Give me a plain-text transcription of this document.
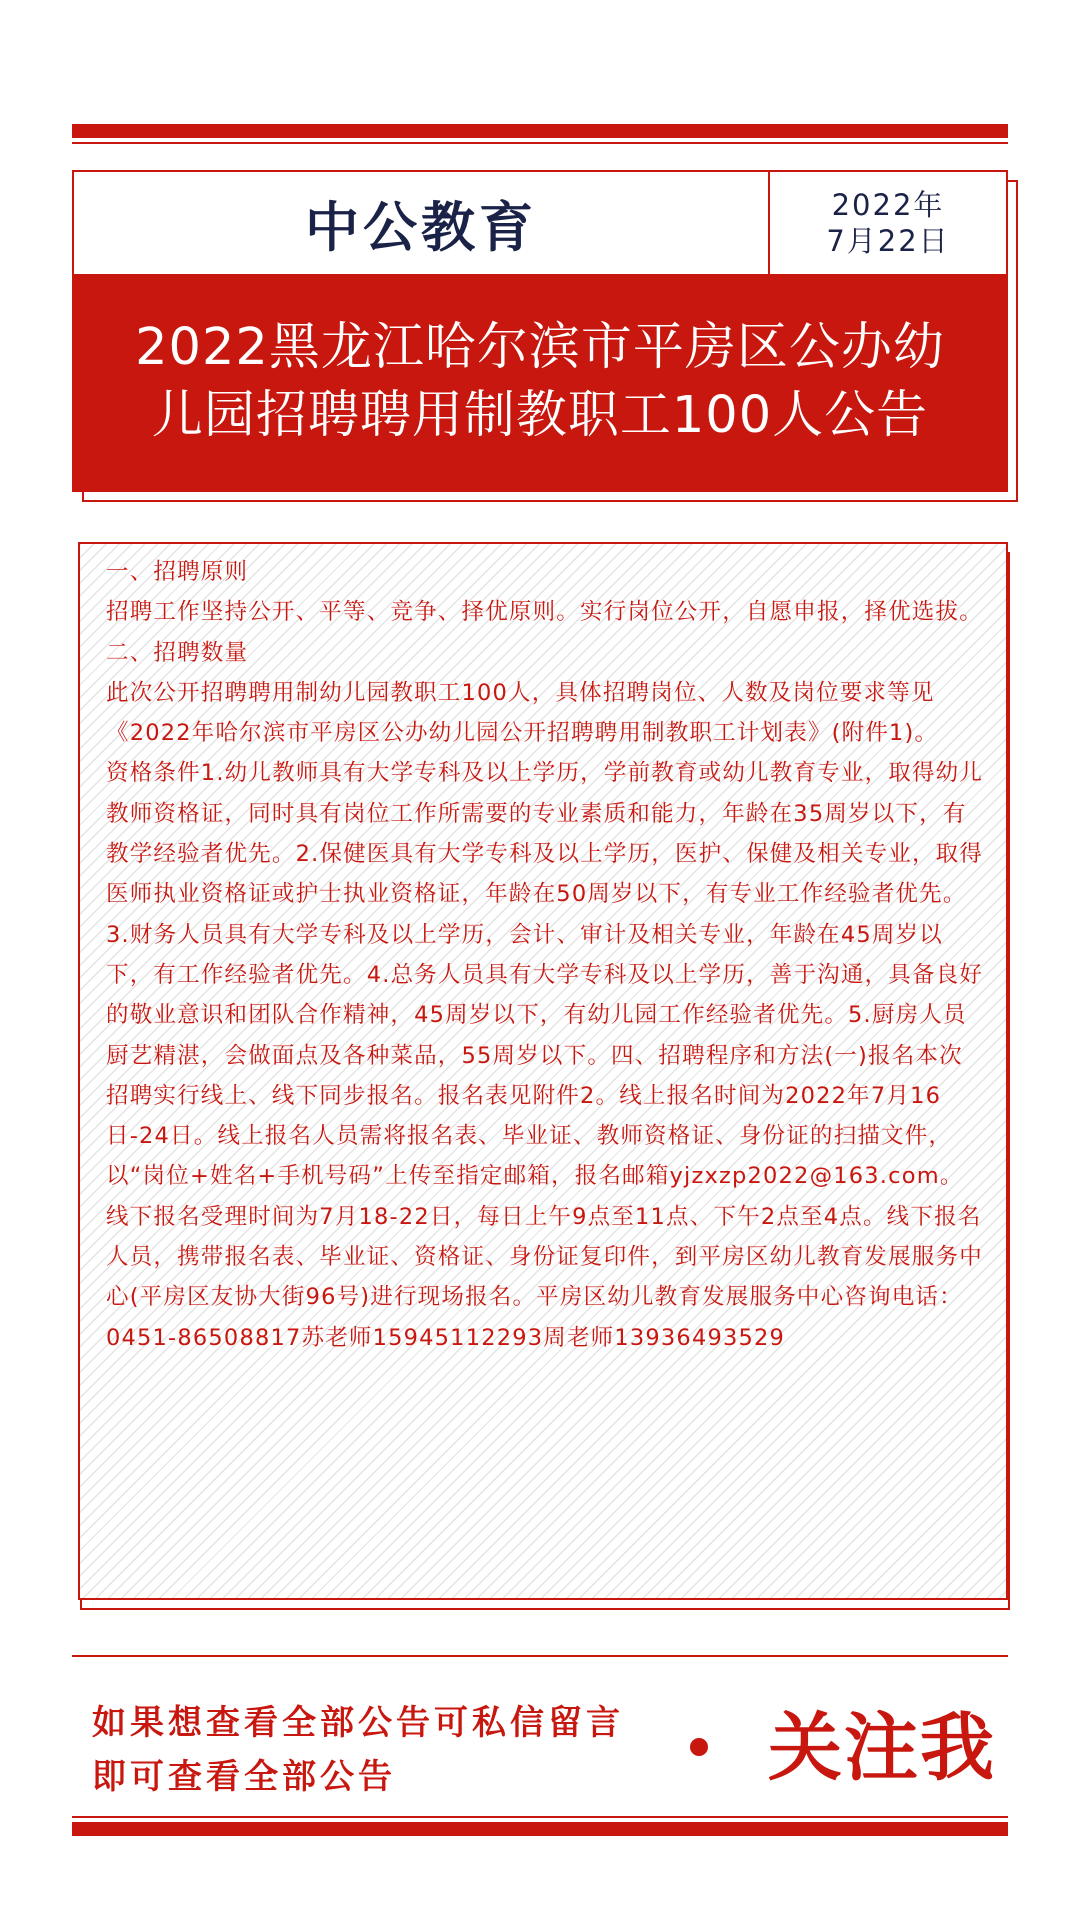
中公教育	2022年
7月22日
2022黑龙江哈尔滨市平房区公办幼儿园招聘聘用制教职工100人公告

一、招聘原则

招聘工作坚持公开、平等、竞争、择优原则。实行岗位公开，自愿申报，择优选拔。

二、招聘数量

此次公开招聘聘用制幼儿园教职工100人，具体招聘岗位、人数及岗位要求等见《2022年哈尔滨市平房区公办幼儿园公开招聘聘用制教职工计划表》(附件1)。

资格条件1.幼儿教师具有大学专科及以上学历，学前教育或幼儿教育专业，取得幼儿教师资格证，同时具有岗位工作所需要的专业素质和能力，年龄在35周岁以下，有教学经验者优先。2.保健医具有大学专科及以上学历，医护、保健及相关专业，取得医师执业资格证或护士执业资格证，年龄在50周岁以下，有专业工作经验者优先。3.财务人员具有大学专科及以上学历，会计、审计及相关专业，年龄在45周岁以下，有工作经验者优先。4.总务人员具有大学专科及以上学历，善于沟通，具备良好的敬业意识和团队合作精神，45周岁以下，有幼儿园工作经验者优先。5.厨房人员厨艺精湛，会做面点及各种菜品，55周岁以下。四、招聘程序和方法(一)报名本次招聘实行线上、线下同步报名。报名表见附件2。线上报名时间为2022年7月16日-24日。线上报名人员需将报名表、毕业证、教师资格证、身份证的扫描文件，以“岗位+姓名+手机号码”上传至指定邮箱，报名邮箱yjzxzp2022@163.com。线下报名受理时间为7月18-22日，每日上午9点至11点、下午2点至4点。线下报名人员，携带报名表、毕业证、资格证、身份证复印件，到平房区幼儿教育发展服务中心(平房区友协大街96号)进行现场报名。平房区幼儿教育发展服务中心咨询电话：0451-86508817苏老师15945112293周老师13936493529

如果想查看全部公告可私信留言
即可查看全部公告	关注我
